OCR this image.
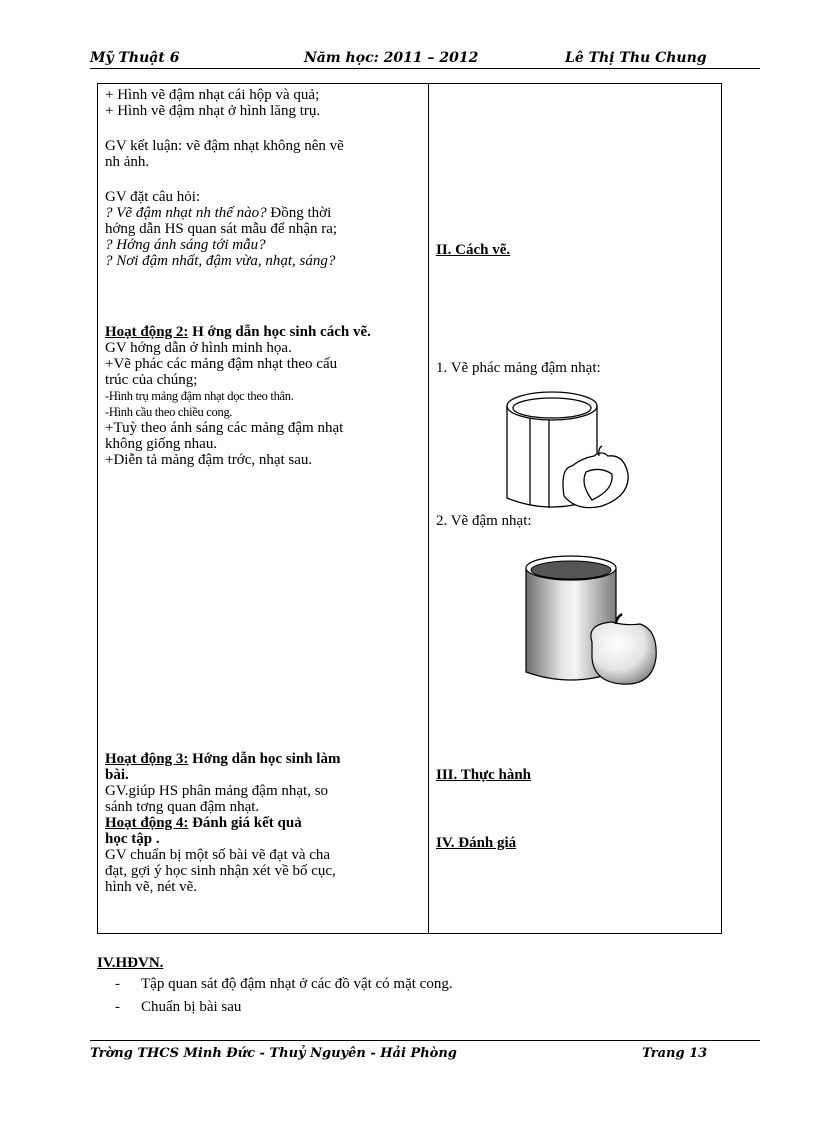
Mỹ Thuật 6	Năm học: 2011 – 2012	Lê Thị Thu Chung
+ Hình vẽ đậm nhạt cái hộp và quả;
+ Hình vẽ đậm nhạt ở hình lăng trụ.
GV kết luận: vẽ đậm nhạt không nên vẽ
nh ảnh.
GV đặt câu hỏi:
? Vẽ đậm nhạt nh thế nào? Đồng thời
hớng dẫn HS quan sát mẫu để nhận ra;
? Hớng ánh sáng tới mẫu?
? Nơi đậm nhất, đậm vừa, nhạt, sáng?
Hoạt động 2: H ớng dẫn học sinh cách vẽ.
GV hớng dẫn ở hình minh họa.
+Vẽ phác các mảng đậm nhạt theo cấu
trúc của chúng;
-Hình trụ mảng đậm nhạt dọc theo thân.
-Hình cầu theo chiều cong.
+Tuỳ theo ánh sáng các mảng đậm nhạt
không giống nhau.
+Diễn tả mảng đậm trớc, nhạt sau.
Hoạt động 3: Hớng dẫn học sinh làm
bài.
GV.giúp HS phân mảng đậm nhạt, so
sánh tơng quan đậm nhạt.
Hoạt động 4: Đánh giá kết quả
học tập .
GV chuẩn bị một số bài vẽ đạt và cha
đạt, gợi ý học sinh nhận xét về bố cục,
hình vẽ, nét vẽ.
II. Cách vẽ.
1. Vẽ phác mảng đậm nhạt:
2. Vẽ đậm nhạt:
III. Thực hành
IV. Đánh giá
IV.HĐVN.
- Tập quan sát độ đậm nhạt ở các đồ vật có mặt cong.
- Chuẩn bị bài sau
Trờng THCS Minh Đức - Thuỷ Nguyên - Hải Phòng	Trang 13
